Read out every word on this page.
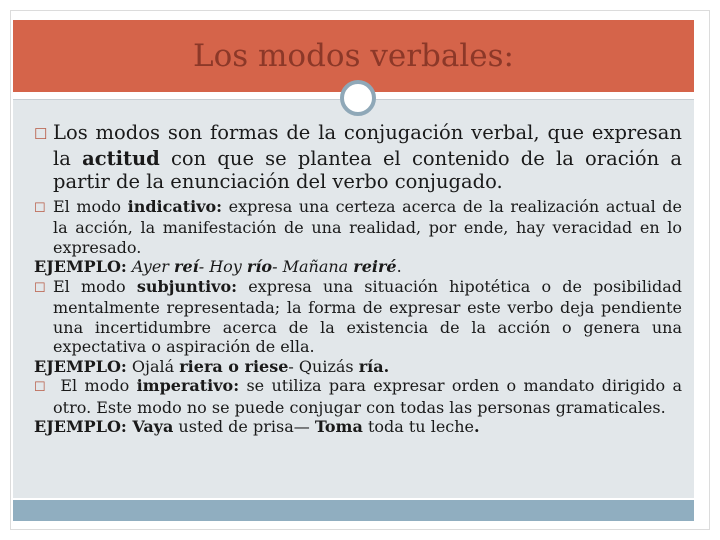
Los modos verbales:

☐ Los modos son formas de la conjugación verbal, que expresan la actitud con que se plantea el contenido de la oración a partir de la enunciación del verbo conjugado.

☐ El modo indicativo: expresa una certeza acerca de la realización actual de la acción, la manifestación de una realidad, por ende, hay veracidad en lo expresado.

EJEMPLO: Ayer reí- Hoy río- Mañana reiré.

☐ El modo subjuntivo: expresa una situación hipotética o de posibilidad mentalmente representada; la forma de expresar este verbo deja pendiente una incertidumbre acerca de la existencia de la acción o genera una expectativa o aspiración de ella.

EJEMPLO: Ojalá riera o riese- Quizás ría.

☐ El modo imperativo: se utiliza para expresar orden o mandato dirigido a otro. Este modo no se puede conjugar con todas las personas gramaticales.

EJEMPLO: Vaya usted de prisa— Toma toda tu leche.
